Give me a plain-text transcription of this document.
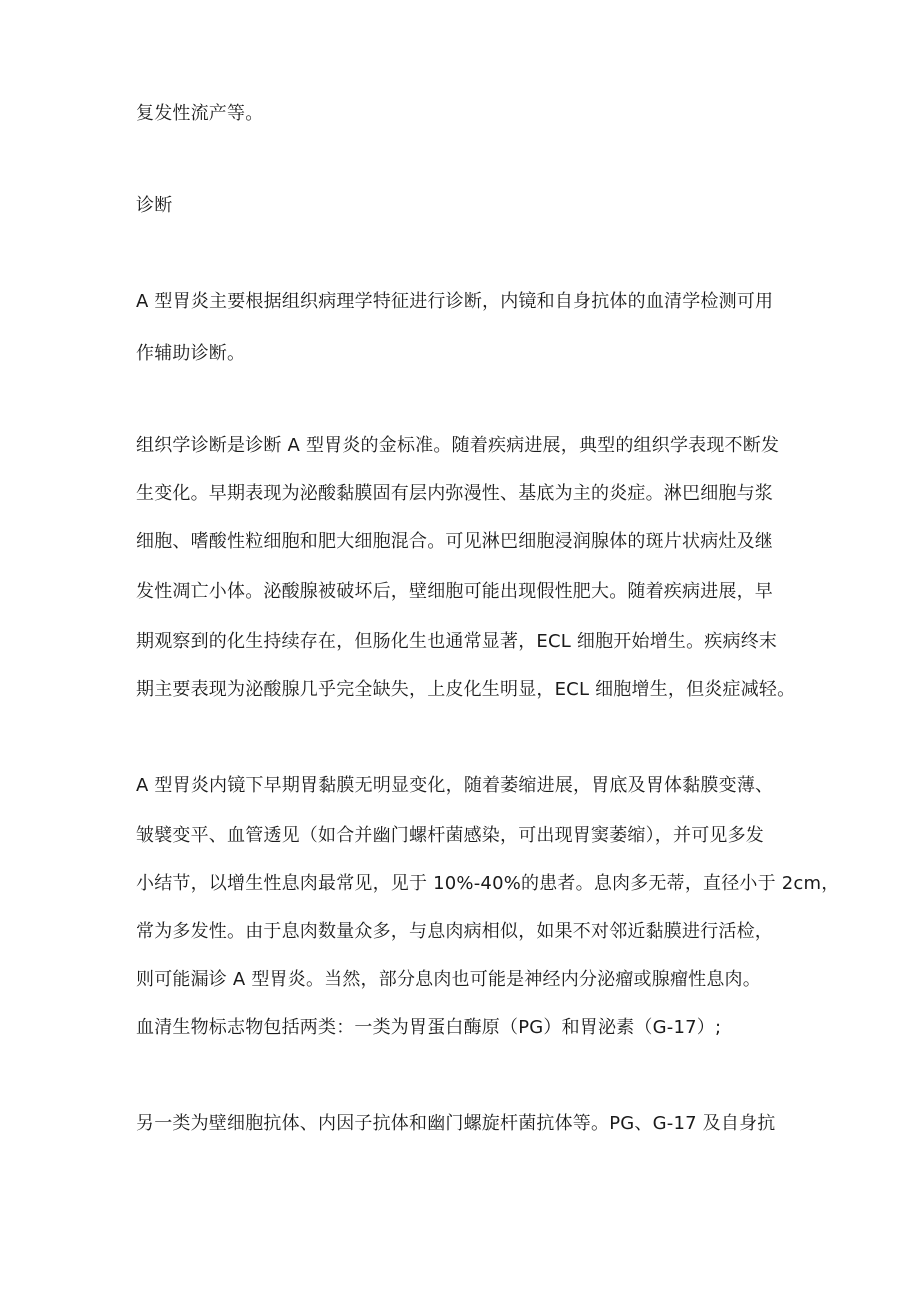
复发性流产等。
诊断
A 型胃炎主要根据组织病理学特征进行诊断，内镜和自身抗体的血清学检测可用
作辅助诊断。
组织学诊断是诊断 A 型胃炎的金标准。随着疾病进展，典型的组织学表现不断发
生变化。早期表现为泌酸黏膜固有层内弥漫性、基底为主的炎症。淋巴细胞与浆
细胞、嗜酸性粒细胞和肥大细胞混合。可见淋巴细胞浸润腺体的斑片状病灶及继
发性凋亡小体。泌酸腺被破坏后，壁细胞可能出现假性肥大。随着疾病进展，早
期观察到的化生持续存在，但肠化生也通常显著，ECL 细胞开始增生。疾病终末
期主要表现为泌酸腺几乎完全缺失，上皮化生明显，ECL 细胞增生，但炎症减轻。
A 型胃炎内镜下早期胃黏膜无明显变化，随着萎缩进展，胃底及胃体黏膜变薄、
皱襞变平、血管透见（如合并幽门螺杆菌感染，可出现胃窦萎缩），并可见多发
小结节，以增生性息肉最常见，见于 10%-40%的患者。息肉多无蒂，直径小于 2cm，
常为多发性。由于息肉数量众多，与息肉病相似，如果不对邻近黏膜进行活检，
则可能漏诊 A 型胃炎。当然，部分息肉也可能是神经内分泌瘤或腺瘤性息肉。
血清生物标志物包括两类：一类为胃蛋白酶原（PG）和胃泌素（G-17）;
另一类为壁细胞抗体、内因子抗体和幽门螺旋杆菌抗体等。PG、G-17 及自身抗
